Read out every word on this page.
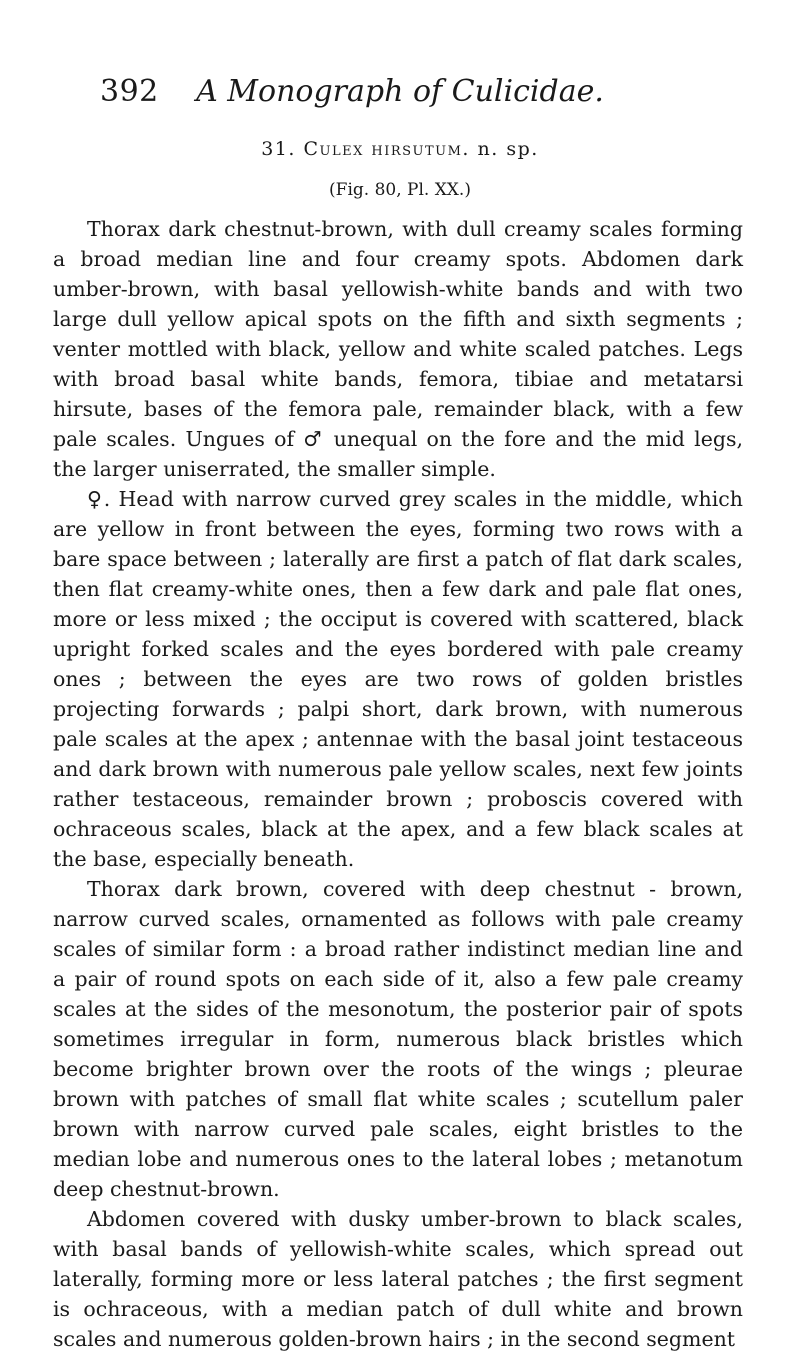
392	A Monograph of Culicidae.
31. Culex hirsutum. n. sp.
(Fig. 80, Pl. XX.)

Thorax dark chestnut-brown, with dull creamy scales forming a broad median line and four creamy spots. Abdomen dark umber-brown, with basal yellowish-white bands and with two large dull yellow apical spots on the fifth and sixth segments ; venter mottled with black, yellow and white scaled patches. Legs with broad basal white bands, femora, tibiae and metatarsi hirsute, bases of the femora pale, remainder black, with a few pale scales. Ungues of ♂ unequal on the fore and the mid legs, the larger uniserrated, the smaller simple.

♀. Head with narrow curved grey scales in the middle, which are yellow in front between the eyes, forming two rows with a bare space between ; laterally are first a patch of flat dark scales, then flat creamy-white ones, then a few dark and pale flat ones, more or less mixed ; the occiput is covered with scattered, black upright forked scales and the eyes bordered with pale creamy ones ; between the eyes are two rows of golden bristles projecting forwards ; palpi short, dark brown, with numerous pale scales at the apex ; antennae with the basal joint testaceous and dark brown with numerous pale yellow scales, next few joints rather testaceous, remainder brown ; proboscis covered with ochraceous scales, black at the apex, and a few black scales at the base, especially beneath.

Thorax dark brown, covered with deep chestnut - brown, narrow curved scales, ornamented as follows with pale creamy scales of similar form : a broad rather indistinct median line and a pair of round spots on each side of it, also a few pale creamy scales at the sides of the mesonotum, the posterior pair of spots sometimes irregular in form, numerous black bristles which become brighter brown over the roots of the wings ; pleurae brown with patches of small flat white scales ; scutellum paler brown with narrow curved pale scales, eight bristles to the median lobe and numerous ones to the lateral lobes ; metanotum deep chestnut-brown.

Abdomen covered with dusky umber-brown to black scales, with basal bands of yellowish-white scales, which spread out laterally, forming more or less lateral patches ; the first segment is ochraceous, with a median patch of dull white and brown scales and numerous golden-brown hairs ; in the second segment
